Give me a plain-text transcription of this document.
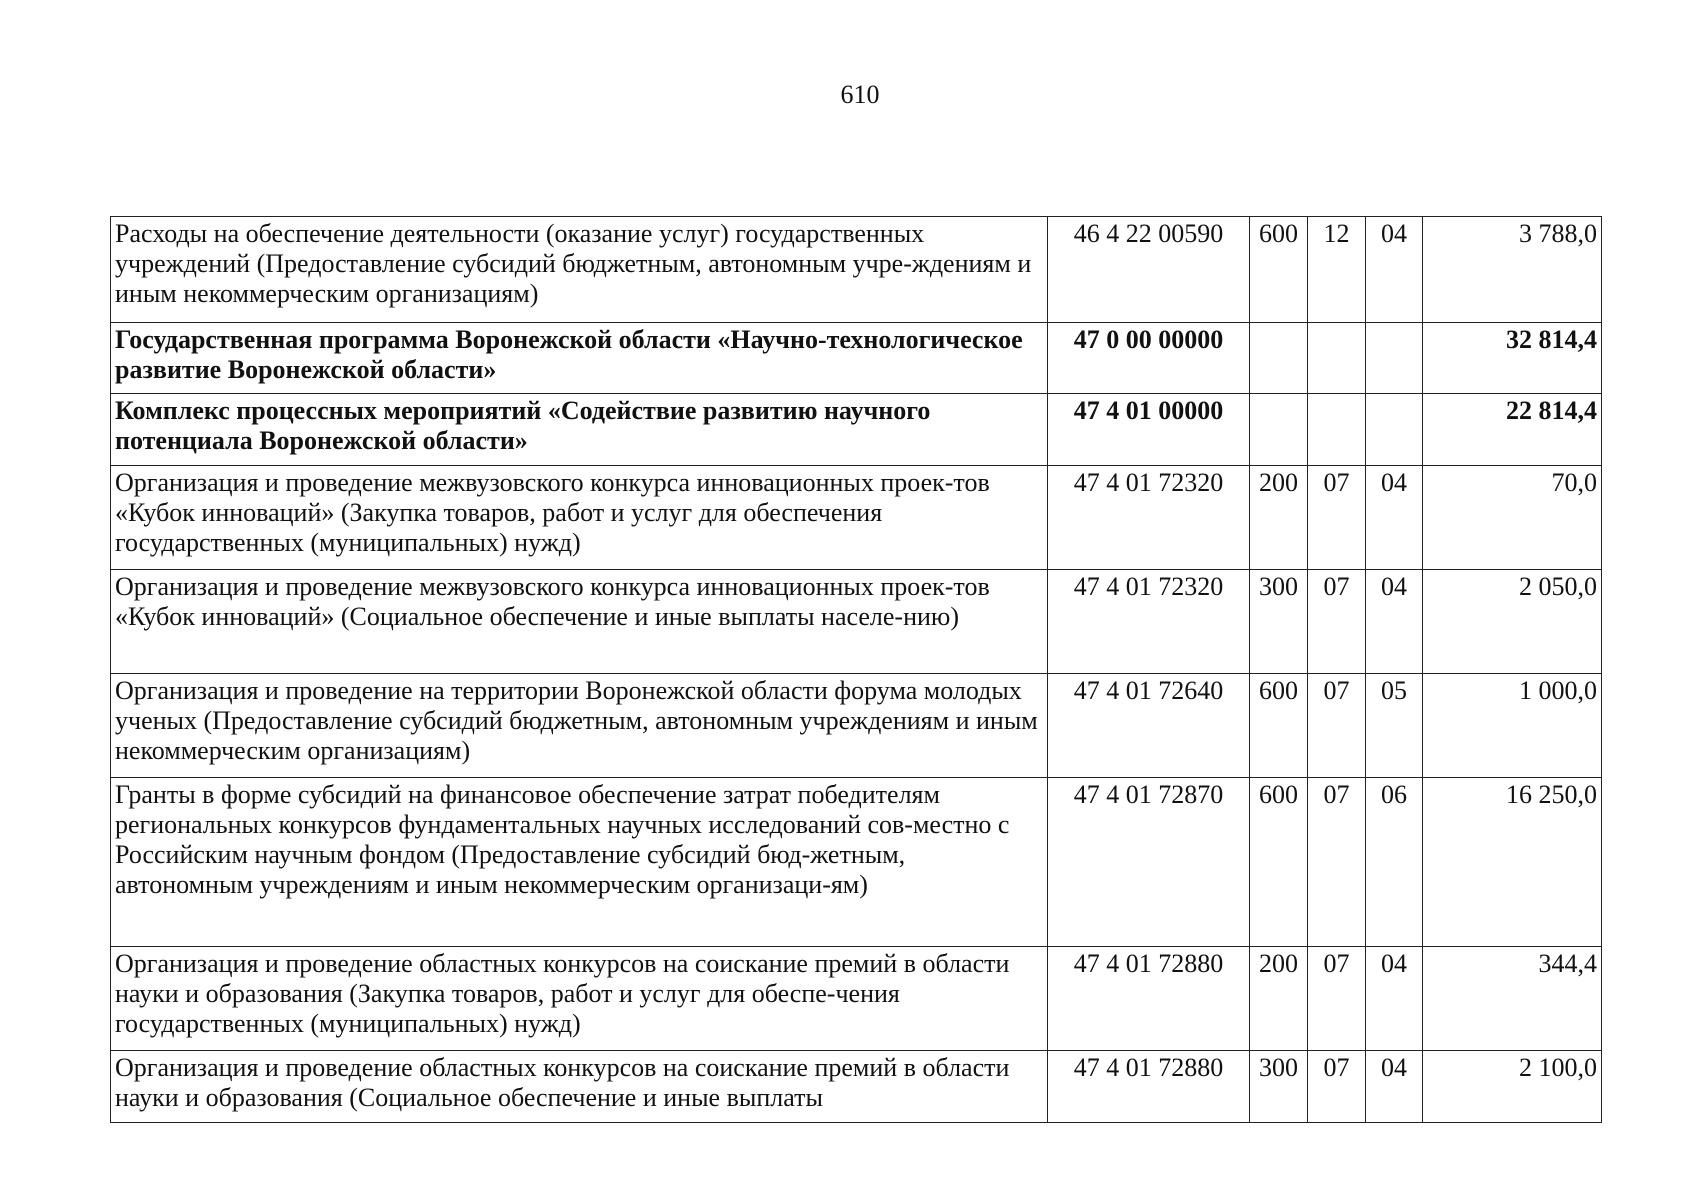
610
Расходы на обеспечение деятельности (оказание услуг) государственных учреждений (Предоставление субсидий бюджетным, автономным учре-ждениям и иным некоммерческим организациям)	46 4 22 00590	600	12	04	3 788,0
Государственная программа Воронежской области «Научно-технологическое развитие Воронежской области»	47 0 00 00000				32 814,4
Комплекс процессных мероприятий «Содействие развитию научного потенциала Воронежской области»	47 4 01 00000				22 814,4
Организация и проведение межвузовского конкурса инновационных проек-тов «Кубок инноваций» (Закупка товаров, работ и услуг для обеспечения государственных (муниципальных) нужд)	47 4 01 72320	200	07	04	70,0
Организация и проведение межвузовского конкурса инновационных проек-тов «Кубок инноваций» (Социальное обеспечение и иные выплаты населе-нию)	47 4 01 72320	300	07	04	2 050,0
Организация и проведение на территории Воронежской области форума молодых ученых (Предоставление субсидий бюджетным, автономным учреждениям и иным некоммерческим организациям)	47 4 01 72640	600	07	05	1 000,0
Гранты в форме субсидий на финансовое обеспечение затрат победителям региональных конкурсов фундаментальных научных исследований сов-местно с Российским научным фондом (Предоставление субсидий бюд-жетным, автономным учреждениям и иным некоммерческим организаци-ям)	47 4 01 72870	600	07	06	16 250,0
Организация и проведение областных конкурсов на соискание премий в области науки и образования (Закупка товаров, работ и услуг для обеспе-чения государственных (муниципальных) нужд)	47 4 01 72880	200	07	04	344,4
Организация и проведение областных конкурсов на соискание премий в области науки и образования (Социальное обеспечение и иные выплаты	47 4 01 72880	300	07	04	2 100,0
